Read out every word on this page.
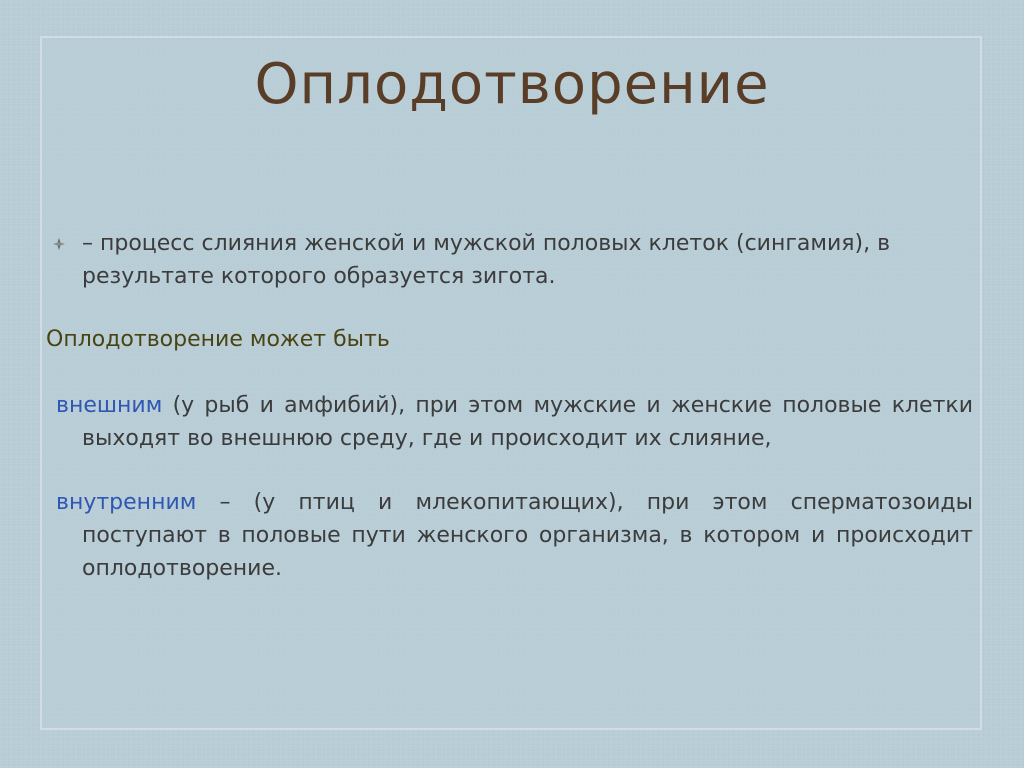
Оплодотворение

– процесс слияния женской и мужской половых клеток (сингамия), в результате которого образуется зигота.

Оплодотворение может быть

внешним (у рыб и амфибий), при этом мужские и женские половые клетки выходят во внешнюю среду, где и происходит их слияние,

внутренним – (у птиц и млекопитающих), при этом сперматозоиды поступают в половые пути женского организма, в котором и происходит оплодотворение.
